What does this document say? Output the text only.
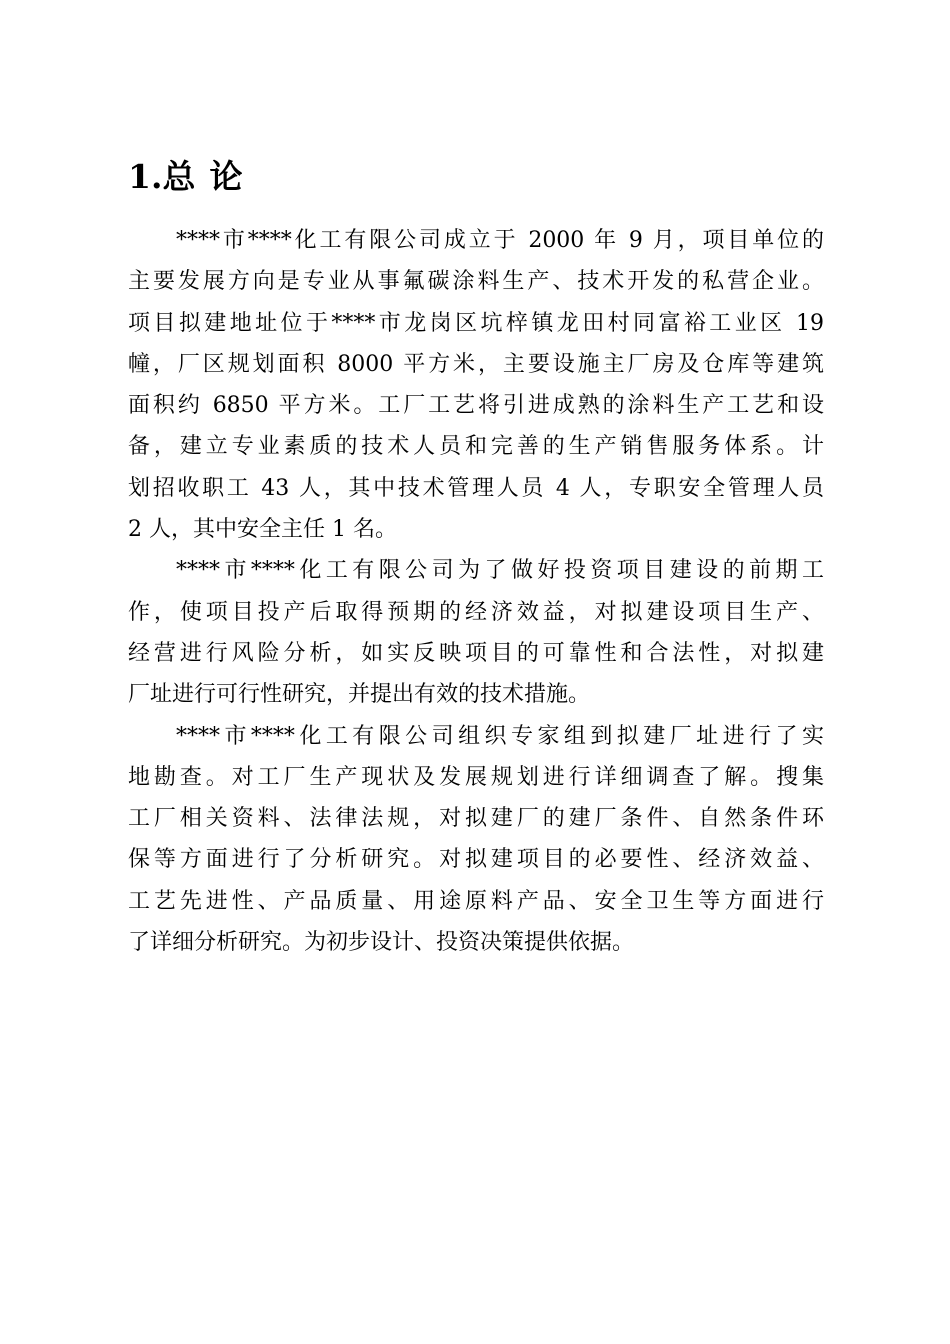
1.总 论
****市****化工有限公司成立于 2000 年 9 月，项目单位的
主要发展方向是专业从事氟碳涂料生产、技术开发的私营企业。
项目拟建地址位于****市龙岗区坑梓镇龙田村同富裕工业区 19
幢，厂区规划面积 8000 平方米，主要设施主厂房及仓库等建筑
面积约 6850 平方米。工厂工艺将引进成熟的涂料生产工艺和设
备，建立专业素质的技术人员和完善的生产销售服务体系。计
划招收职工 43 人，其中技术管理人员 4 人，专职安全管理人员
2 人，其中安全主任 1 名。
****市****化工有限公司为了做好投资项目建设的前期工
作，使项目投产后取得预期的经济效益，对拟建设项目生产、
经营进行风险分析，如实反映项目的可靠性和合法性，对拟建
厂址进行可行性研究，并提出有效的技术措施。
****市****化工有限公司组织专家组到拟建厂址进行了实
地勘查。对工厂生产现状及发展规划进行详细调查了解。搜集
工厂相关资料、法律法规，对拟建厂的建厂条件、自然条件环
保等方面进行了分析研究。对拟建项目的必要性、经济效益、
工艺先进性、产品质量、用途原料产品、安全卫生等方面进行
了详细分析研究。为初步设计、投资决策提供依据。
